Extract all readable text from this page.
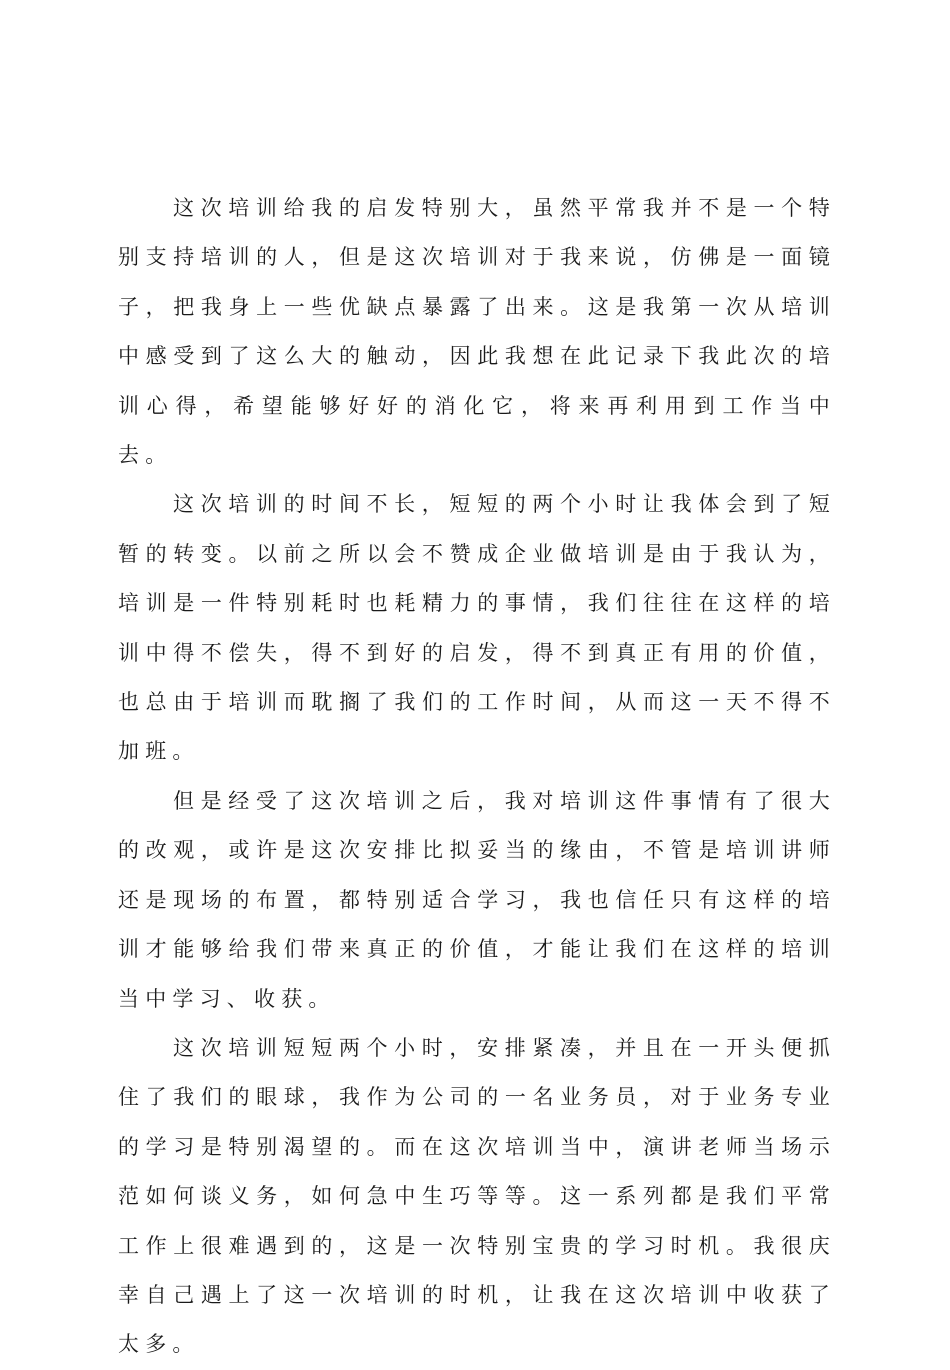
这次培训给我的启发特别大，虽然平常我并不是一个特别支持培训的人，但是这次培训对于我来说，仿佛是一面镜子，把我身上一些优缺点暴露了出来。这是我第一次从培训中感受到了这么大的触动，因此我想在此记录下我此次的培训心得，希望能够好好的消化它，将来再利用到工作当中去。

这次培训的时间不长，短短的两个小时让我体会到了短暂的转变。以前之所以会不赞成企业做培训是由于我认为，培训是一件特别耗时也耗精力的事情，我们往往在这样的培训中得不偿失，得不到好的启发，得不到真正有用的价值，也总由于培训而耽搁了我们的工作时间，从而这一天不得不加班。

但是经受了这次培训之后，我对培训这件事情有了很大的改观，或许是这次安排比拟妥当的缘由，不管是培训讲师还是现场的布置，都特别适合学习，我也信任只有这样的培训才能够给我们带来真正的价值，才能让我们在这样的培训当中学习、收获。

这次培训短短两个小时，安排紧凑，并且在一开头便抓住了我们的眼球，我作为公司的一名业务员，对于业务专业的学习是特别渴望的。而在这次培训当中，演讲老师当场示范如何谈义务，如何急中生巧等等。这一系列都是我们平常工作上很难遇到的，这是一次特别宝贵的学习时机。我很庆幸自己遇上了这一次培训的时机，让我在这次培训中收获了太多。
